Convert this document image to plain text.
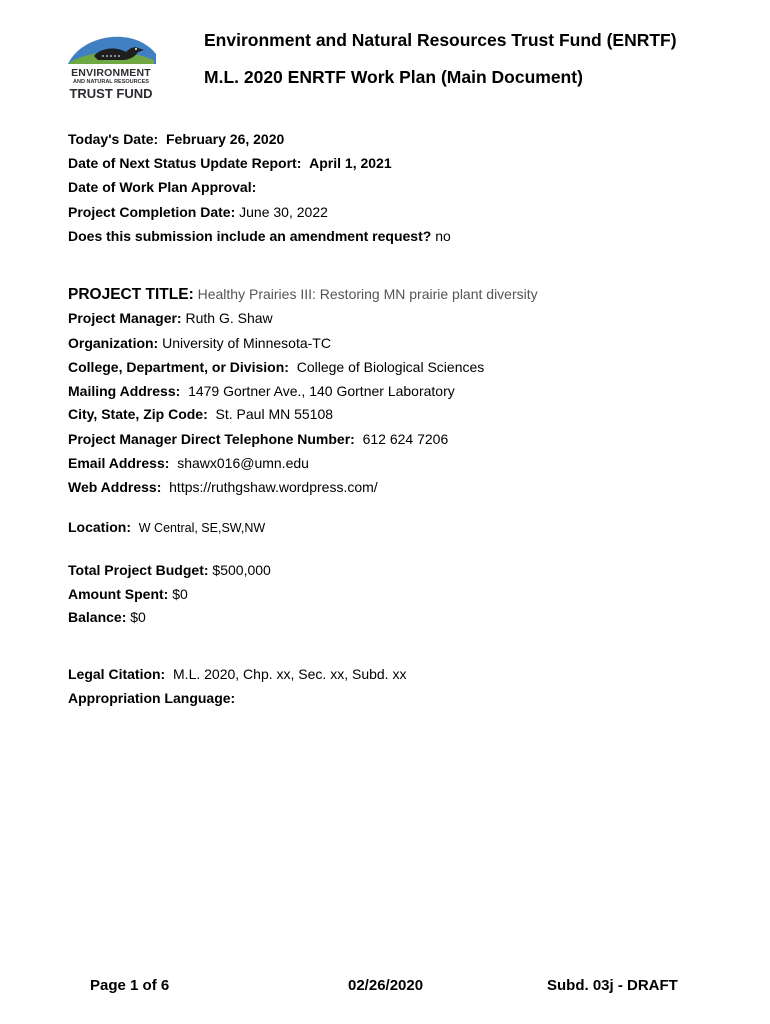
ENVIRONMENT
AND NATURAL RESOURCES
TRUST FUND
Environment and Natural Resources Trust Fund (ENRTF)
M.L. 2020 ENRTF Work Plan (Main Document)
Today's Date: February 26, 2020
Date of Next Status Update Report: April 1, 2021
Date of Work Plan Approval:
Project Completion Date: June 30, 2022
Does this submission include an amendment request? no
PROJECT TITLE: Healthy Prairies III: Restoring MN prairie plant diversity
Project Manager: Ruth G. Shaw
Organization: University of Minnesota-TC
College, Department, or Division: College of Biological Sciences
Mailing Address: 1479 Gortner Ave., 140 Gortner Laboratory
City, State, Zip Code: St. Paul MN 55108
Project Manager Direct Telephone Number: 612 624 7206
Email Address: shawx016@umn.edu
Web Address: https://ruthgshaw.wordpress.com/
Location: W Central, SE,SW,NW
Total Project Budget: $500,000
Amount Spent: $0
Balance: $0
Legal Citation: M.L. 2020, Chp. xx, Sec. xx, Subd. xx
Appropriation Language:
Page 1 of 6	02/26/2020	Subd. 03j - DRAFT
